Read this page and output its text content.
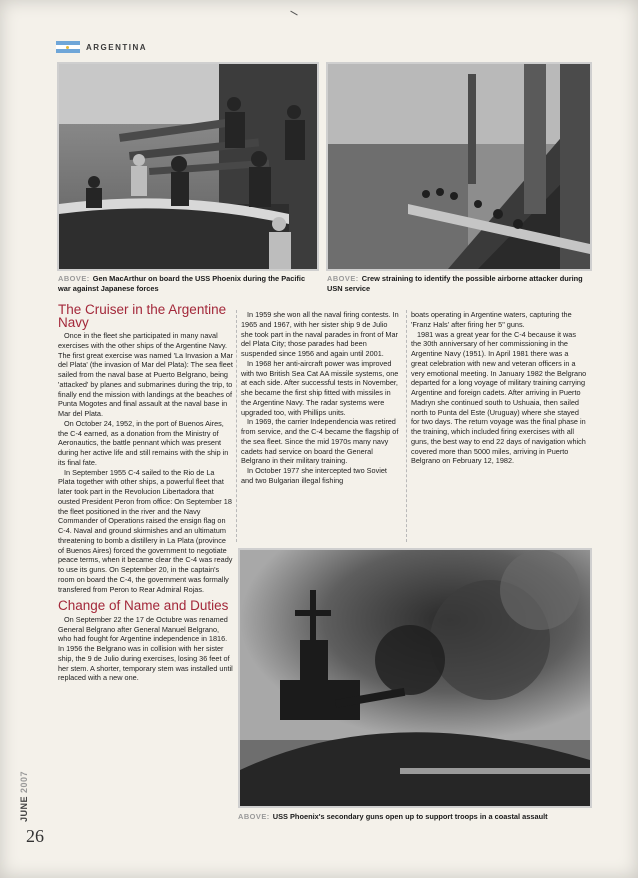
ARGENTINA
ABOVE: Gen MacArthur on board the USS Phoenix during the Pacific war against Japanese forces
ABOVE: Crew straining to identify the possible airborne attacker during USN service
ABOVE: USS Phoenix's secondary guns open up to support troops in a coastal assault
The Cruiser in the Argentine Navy

Once in the fleet she participated in many naval exercises with the other ships of the Argentine Navy. The first great exercise was named 'La Invasion a Mar del Plata' (the invasion of Mar del Plata): The sea fleet sailed from the naval base at Puerto Belgrano, being 'attacked' by planes and submarines during the trip, to finally end the mission with landings at the beaches of Punta Mogotes and final assault at the naval base in Mar del Plata.

On October 24, 1952, in the port of Buenos Aires, the C-4 earned, as a donation from the Ministry of Aeronautics, the battle pennant which was present during her active life and still remains with the ship in its final fate.

In September 1955 C-4 sailed to the Rio de La Plata together with other ships, a powerful fleet that later took part in the Revolucion Libertadora that ousted President Peron from office: On September 18 the fleet positioned in the river and the Navy Commander of Operations raised the ensign flag on C-4. Naval and ground skirmishes and an ultimatum threatening to bomb a distillery in La Plata (province of Buenos Aires) forced the government to negotiate peace terms, when it became clear the C-4 was ready to use its guns. On September 20, in the captain's room on board the C-4, the government was formally transfered from Peron to Rear Admiral Rojas.

Change of Name and Duties

On September 22 the 17 de Octubre was renamed General Belgrano after General Manuel Belgrano, who had fought for Argentine independence in 1816. In 1956 the Belgrano was in collision with her sister ship, the 9 de Julio during exercises, losing 36 feet of her stem. A shorter, temporary stem was installed until replaced with a new one.

In 1959 she won all the naval firing contests. In 1965 and 1967, with her sister ship 9 de Julio she took part in the naval parades in front of Mar del Plata City; those parades had been suspended since 1956 and again until 2001.

In 1968 her anti-aircraft power was improved with two British Sea Cat AA missile systems, one at each side. After successful tests in November, she became the first ship fitted with missiles in the Argentine Navy. The radar systems were upgraded too, with Phillips units.

In 1969, the carrier Independencia was retired from service, and the C-4 became the flagship of the sea fleet. Since the mid 1970s many navy cadets had service on board the General Belgrano in their military training.

In October 1977 she intercepted two Soviet and two Bulgarian illegal fishing

boats operating in Argentine waters, capturing the 'Franz Hals' after firing her 5" guns.

1981 was a great year for the C-4 because it was the 30th anniversary of her commissioning in the Argentine Navy (1951). In April 1981 there was a great celebration with new and veteran officers in a very emotional meeting. In January 1982 the Belgrano departed for a long voyage of military training carrying Argentine and foreign cadets. After arriving in Puerto Madryn she continued south to Ushuaia, then sailed north to Punta del Este (Uruguay) where she stayed for two days. The return voyage was the final phase in the training, which included firing exercises with all guns, the best way to end 22 days of navigation which covered more than 5000 miles, arriving in Puerto Belgrano on February 12, 1982.

JUNE 2007
26
